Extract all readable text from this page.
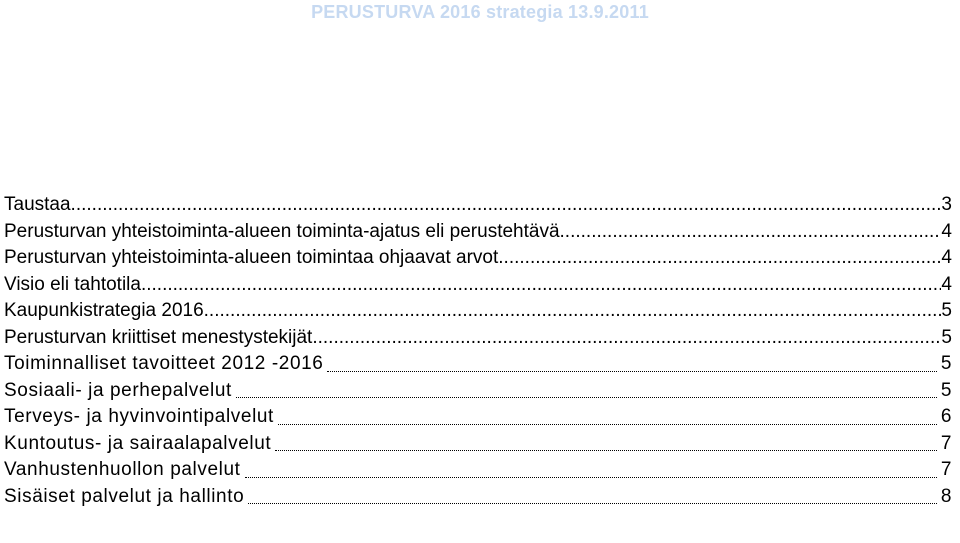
PERUSTURVA 2016 strategia 13.9.2011
Taustaa .....	3
Perusturvan yhteistoiminta-alueen toiminta-ajatus eli perustehtävä .....	4
Perusturvan yhteistoiminta-alueen toimintaa ohjaavat arvot .....	4
Visio eli tahtotila .....	4
Kaupunkistrategia 2016 .....	5
Perusturvan kriittiset menestystekijät .....	5
Toiminnalliset tavoitteet 2012 -2016	5
Sosiaali- ja perhepalvelut	5
Terveys- ja hyvinvointipalvelut	6
Kuntoutus- ja sairaalapalvelut	7
Vanhustenhuollon palvelut	7
Sisäiset palvelut ja hallinto	8
